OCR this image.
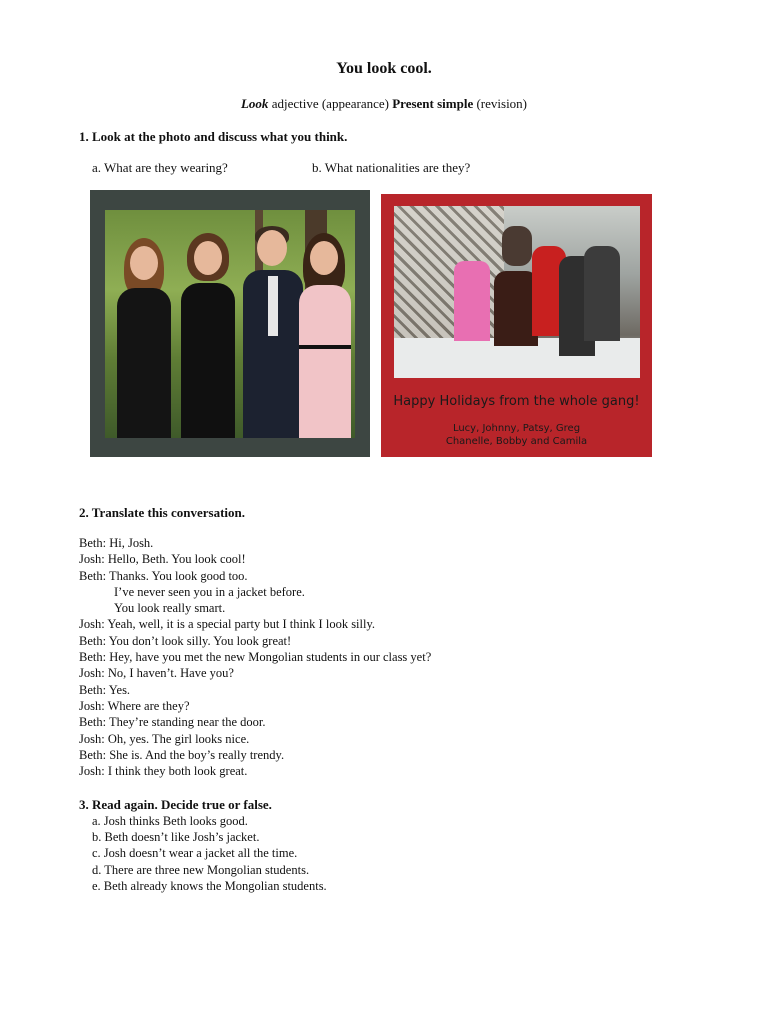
You look cool.
Look adjective (appearance) Present simple (revision)
1. Look at the photo and discuss what you think.
a. What are they wearing?	b. What nationalities are they?
Happy Holidays from the whole gang!
Lucy, Johnny, Patsy, Greg
Chanelle, Bobby and Camila
2. Translate this conversation.
Beth: Hi, Josh.
Josh: Hello, Beth. You look cool!
Beth: Thanks. You look good too.
I’ve never seen you in a jacket before.
You look really smart.
Josh: Yeah, well, it is a special party but I think I look silly.
Beth: You don’t look silly. You look great!
Beth: Hey, have you met the new Mongolian students in our class yet?
Josh: No, I haven’t. Have you?
Beth: Yes.
Josh: Where are they?
Beth: They’re standing near the door.
Josh: Oh, yes. The girl looks nice.
Beth: She is. And the boy’s really trendy.
Josh: I think they both look great.
3. Read again. Decide true or false.
a. Josh thinks Beth looks good.
b. Beth doesn’t like Josh’s jacket.
c. Josh doesn’t wear a jacket all the time.
d. There are three new Mongolian students.
e. Beth already knows the Mongolian students.
